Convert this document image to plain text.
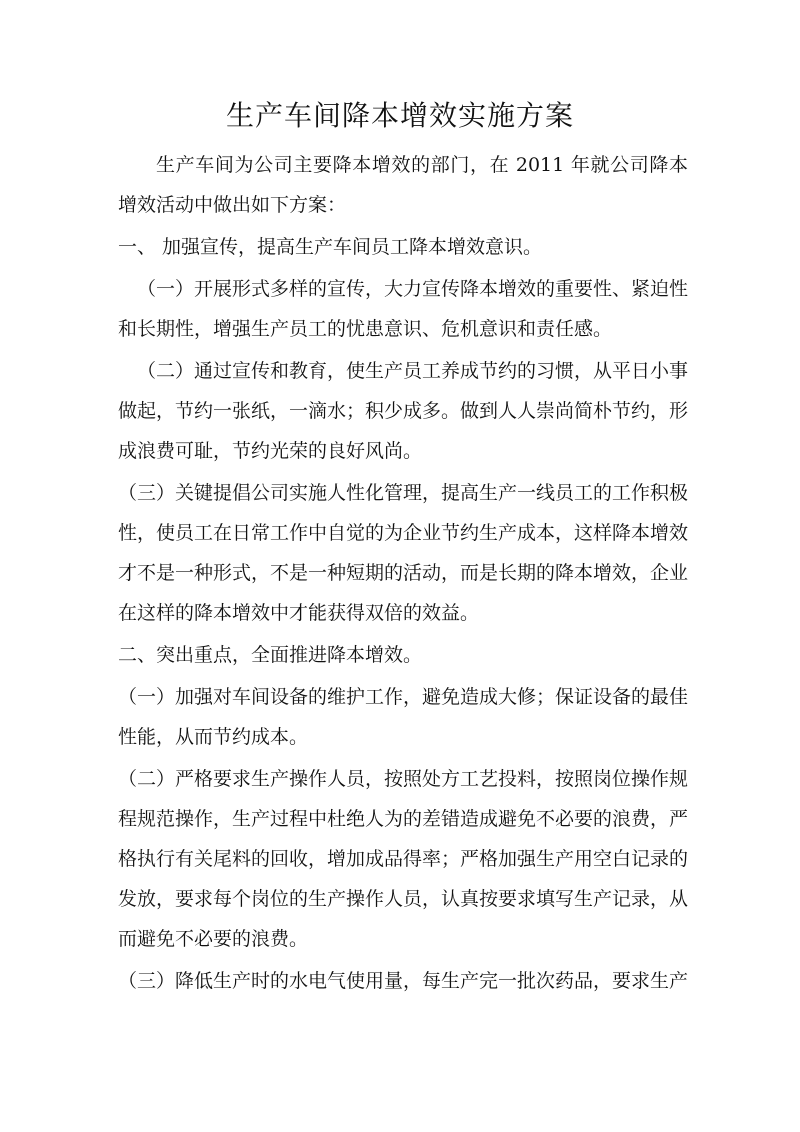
生产车间降本增效实施方案

生产车间为公司主要降本增效的部门，在 2011 年就公司降本增效活动中做出如下方案：

一、 加强宣传，提高生产车间员工降本增效意识。

（一）开展形式多样的宣传，大力宣传降本增效的重要性、紧迫性和长期性，增强生产员工的忧患意识、危机意识和责任感。

（二）通过宣传和教育，使生产员工养成节约的习惯，从平日小事做起，节约一张纸，一滴水；积少成多。做到人人崇尚简朴节约，形成浪费可耻，节约光荣的良好风尚。

（三）关键提倡公司实施人性化管理，提高生产一线员工的工作积极性，使员工在日常工作中自觉的为企业节约生产成本，这样降本增效才不是一种形式，不是一种短期的活动，而是长期的降本增效，企业在这样的降本增效中才能获得双倍的效益。

二、突出重点，全面推进降本增效。

（一）加强对车间设备的维护工作，避免造成大修；保证设备的最佳性能，从而节约成本。

（二）严格要求生产操作人员，按照处方工艺投料，按照岗位操作规程规范操作，生产过程中杜绝人为的差错造成避免不必要的浪费，严格执行有关尾料的回收，增加成品得率；严格加强生产用空白记录的发放，要求每个岗位的生产操作人员，认真按要求填写生产记录，从而避免不必要的浪费。

（三）降低生产时的水电气使用量，每生产完一批次药品，要求生产
